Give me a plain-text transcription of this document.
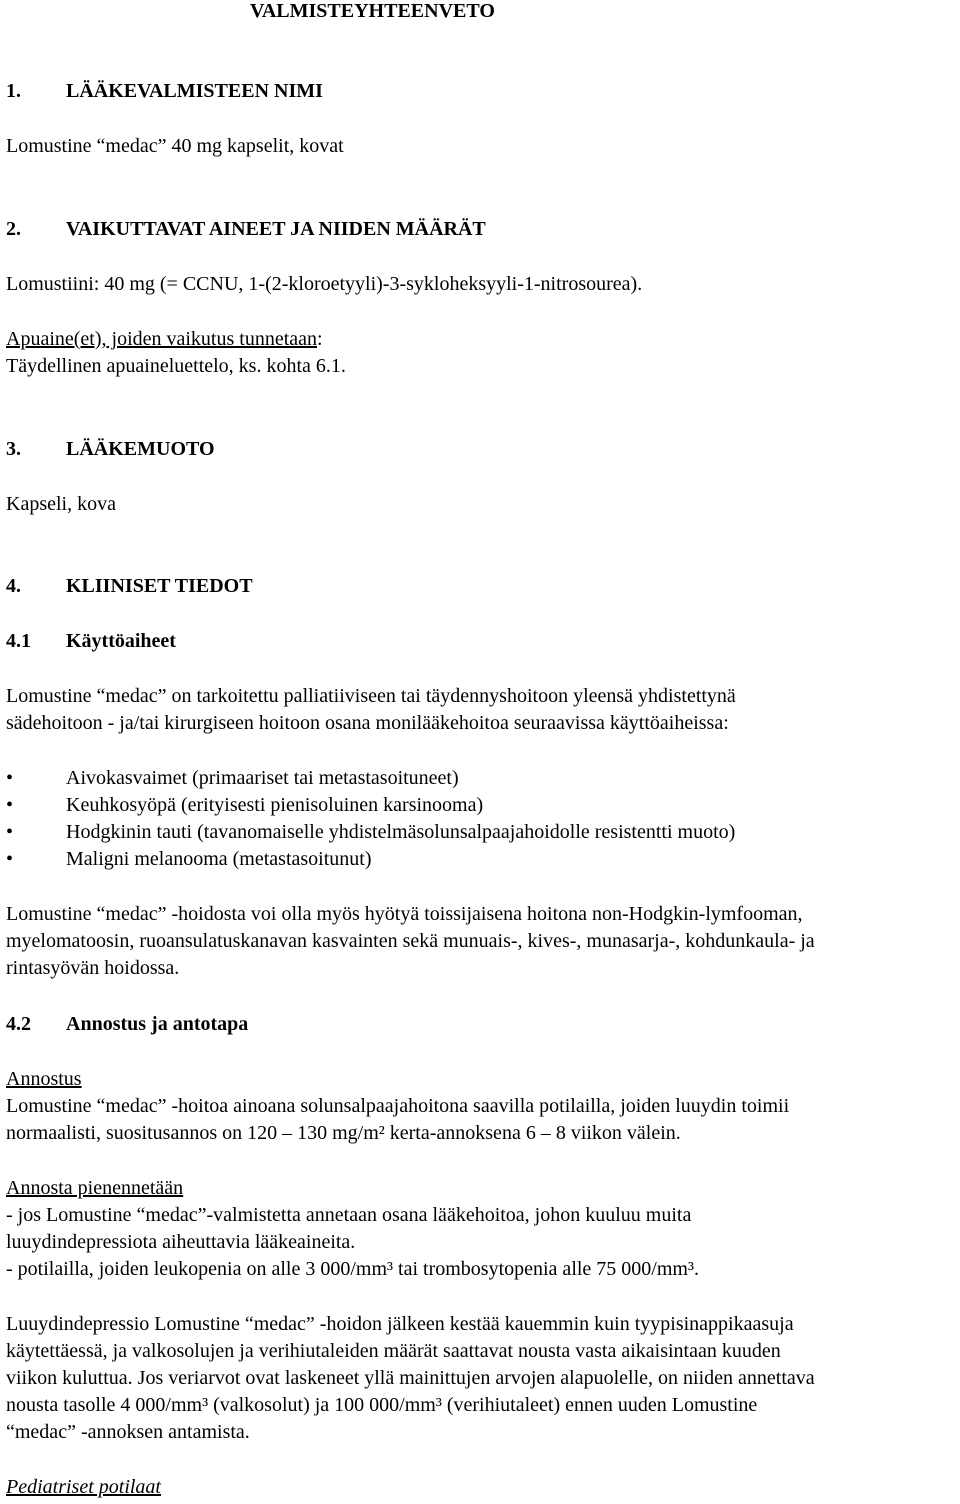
VALMISTEYHTEENVETO
1. LÄÄKEVALMISTEEN NIMI
Lomustine “medac” 40 mg kapselit, kovat
2. VAIKUTTAVAT AINEET JA NIIDEN MÄÄRÄT
Lomustiini: 40 mg (= CCNU, 1-(2-kloroetyyli)-3-sykloheksyyli-1-nitrosourea).
Apuaine(et), joiden vaikutus tunnetaan:
Täydellinen apuaineluettelo, ks. kohta 6.1.
3. LÄÄKEMUOTO
Kapseli, kova
4. KLIINISET TIEDOT
4.1 Käyttöaiheet
Lomustine “medac” on tarkoitettu palliatiiviseen tai täydennyshoitoon yleensä yhdistettynä
sädehoitoon - ja/tai kirurgiseen hoitoon osana monilääkehoitoa seuraavissa käyttöaiheissa:
•	Aivokasvaimet (primaariset tai metastasoituneet)
•	Keuhkosyöpä (erityisesti pienisoluinen karsinooma)
•	Hodgkinin tauti (tavanomaiselle yhdistelmäsolunsalpaajahoidolle resistentti muoto)
•	Maligni melanooma (metastasoitunut)
Lomustine “medac” -hoidosta voi olla myös hyötyä toissijaisena hoitona non-Hodgkin-lymfooman,
myelomatoosin, ruoansulatuskanavan kasvainten sekä munuais-, kives-, munasarja-, kohdunkaula- ja
rintasyövän hoidossa.
4.2 Annostus ja antotapa
Annostus
Lomustine “medac” -hoitoa ainoana solunsalpaajahoitona saavilla potilailla, joiden luuydin toimii
normaalisti, suositusannos on 120 – 130 mg/m² kerta-annoksena 6 – 8 viikon välein.
Annosta pienennetään
- jos Lomustine “medac”-valmistetta annetaan osana lääkehoitoa, johon kuuluu muita
luuydindepressiota aiheuttavia lääkeaineita.
- potilailla, joiden leukopenia on alle 3 000/mm³ tai trombosytopenia alle 75 000/mm³.
Luuydindepressio Lomustine “medac” -hoidon jälkeen kestää kauemmin kuin tyypisinappikaasuja
käytettäessä, ja valkosolujen ja verihiutaleiden määrät saattavat nousta vasta aikaisintaan kuuden
viikon kuluttua. Jos veriarvot ovat laskeneet yllä mainittujen arvojen alapuolelle, on niiden annettava
nousta tasolle 4 000/mm³ (valkosolut) ja 100 000/mm³ (verihiutaleet) ennen uuden Lomustine
“medac” -annoksen antamista.
Pediatriset potilaat
